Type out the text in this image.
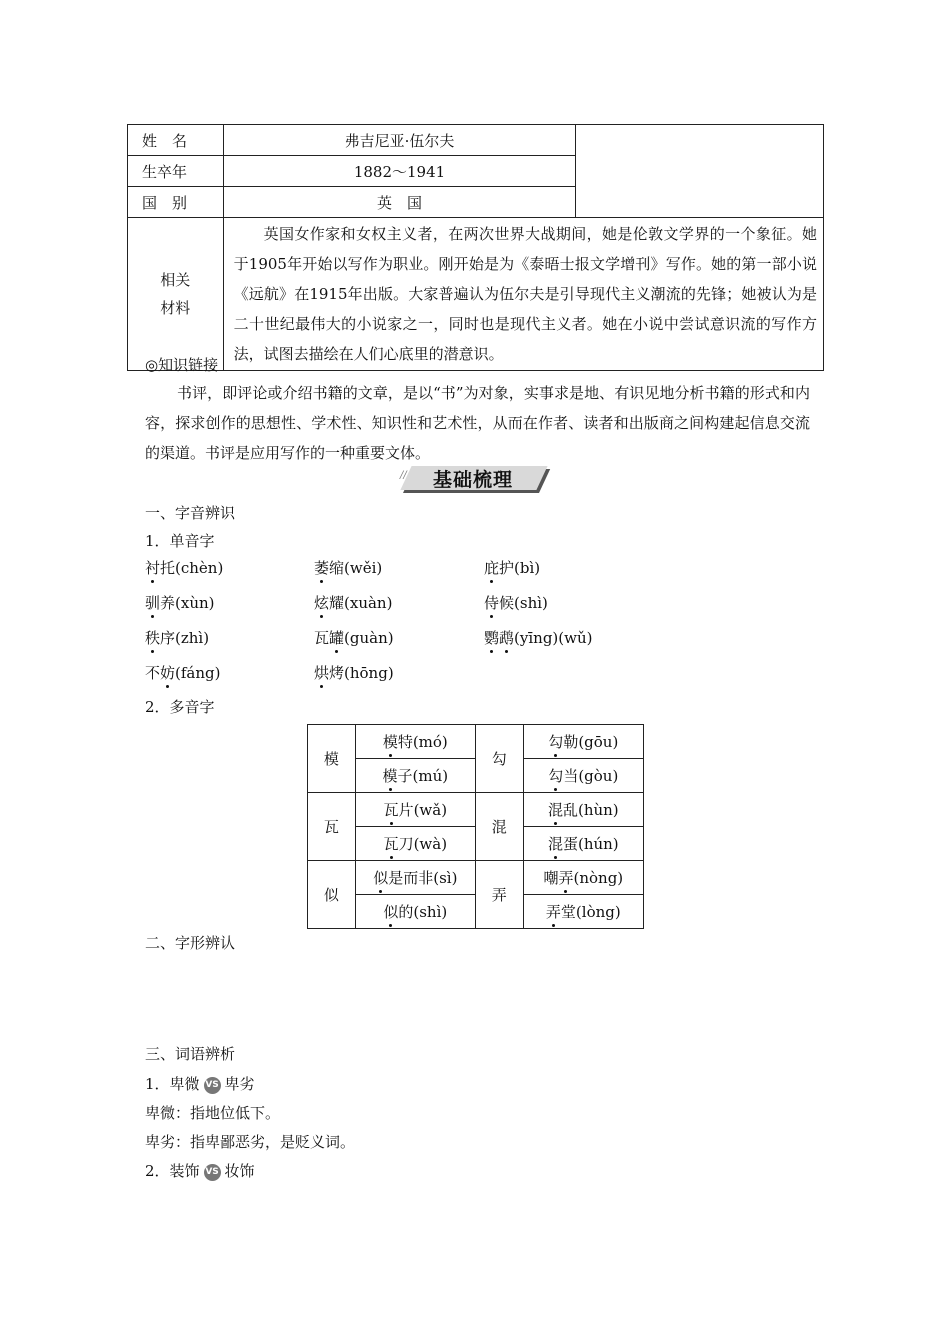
姓　名	弗吉尼亚·伍尔夫	
生卒年	1882～1941	
国　别	英　国	

相关
材料	英国女作家和女权主义者，在两次世界大战期间，她是伦敦文学界的一个象征。她于1905年开始以写作为职业。刚开始是为《泰晤士报文学增刊》写作。她的第一部小说《远航》在1915年出版。大家普遍认为伍尔夫是引导现代主义潮流的先锋；她被认为是二十世纪最伟大的小说家之一，同时也是现代主义者。她在小说中尝试意识流的写作方法，试图去描绘在人们心底里的潜意识。	
◎知识链接
书评，即评论或介绍书籍的文章，是以“书”为对象，实事求是地、有识见地分析书籍的形式和内容，探求创作的思想性、学术性、知识性和艺术性，从而在作者、读者和出版商之间构建起信息交流的渠道。书评是应用写作的一种重要文体。
//	基础梳理
一、字音辨识
1．单音字
衬托(chèn)	萎缩(wěi)	庇护(bì)
驯养(xùn)	炫耀(xuàn)	侍候(shì)
秩序(zhì)	瓦罐(guàn)	鹦鹉(yīng)(wǔ)
不妨(fáng)	烘烤(hōng)
2．多音字
模	模特(mó)	勾	勾勒(gōu)
	模子(mú)		勾当(gòu)
瓦	瓦片(wǎ)	混	混乱(hùn)
	瓦刀(wà)		混蛋(hún)
似	似是而非(sì)	弄	嘲弄(nòng)
	似的(shì)		弄堂(lòng)
二、字形辨认
三、词语辨析
1．卑微 VS 卑劣
卑微：指地位低下。
卑劣：指卑鄙恶劣，是贬义词。
2．装饰 VS 妆饰
